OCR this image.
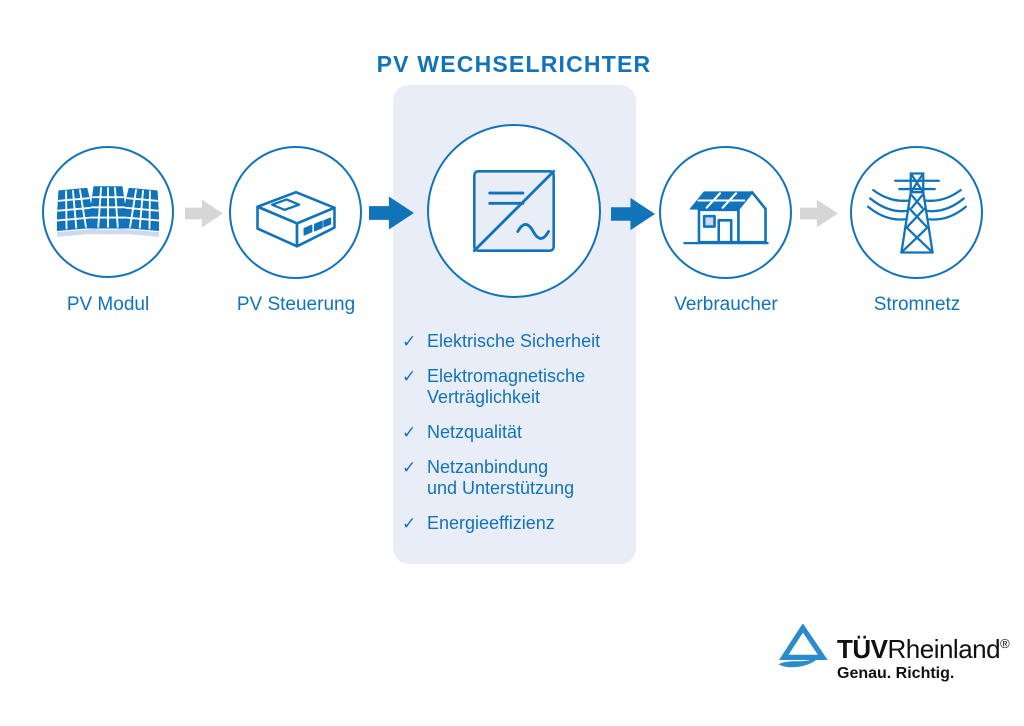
PV WECHSELRICHTER
PV Modul	PV Steuerung	Verbraucher	Stromnetz
✓ Elektrische Sicherheit
✓ Elektromagnetische
Verträglichkeit
✓ Netzqualität
✓ Netzanbindung
und Unterstützung
✓ Energieeffizienz
TÜVRheinland®
Genau. Richtig.
